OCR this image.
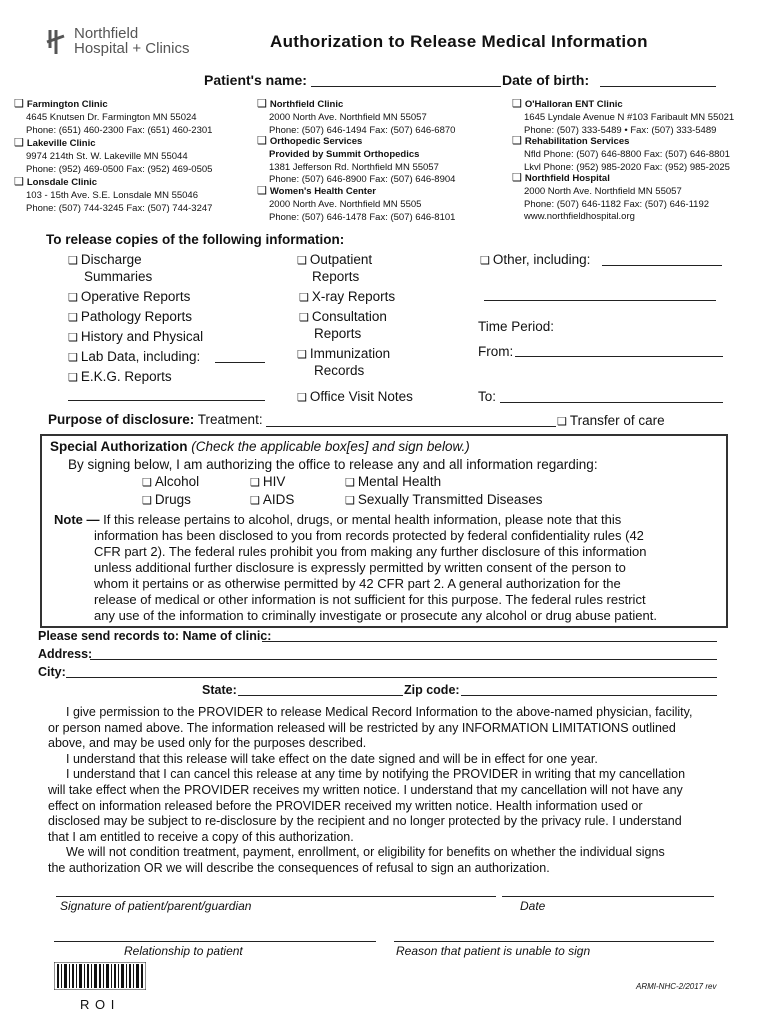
Northfield
Hospital + Clinics	Authorization to Release Medical Information
Patient's name:	Date of birth:
❑ Farmington Clinic
4645 Knutsen Dr. Farmington MN 55024
Phone: (651) 460-2300 Fax: (651) 460-2301
❑ Lakeville Clinic
9974 214th St. W. Lakeville MN 55044
Phone: (952) 469-0500 Fax: (952) 469-0505
❑ Lonsdale Clinic
103 - 15th Ave. S.E. Lonsdale MN 55046
Phone: (507) 744-3245 Fax: (507) 744-3247
❑ Northfield Clinic
2000 North Ave. Northfield MN 55057
Phone: (507) 646-1494 Fax: (507) 646-6870
❑ Orthopedic Services
Provided by Summit Orthopedics
1381 Jefferson Rd. Northfield MN 55057
Phone: (507) 646-8900 Fax: (507) 646-8904
❑ Women's Health Center
2000 North Ave. Northfield MN 5505
Phone: (507) 646-1478 Fax: (507) 646-8101
❑ O'Halloran ENT Clinic
1645 Lyndale Avenue N #103 Faribault MN 55021
Phone: (507) 333-5489 • Fax: (507) 333-5489
❑ Rehabilitation Services
Nfld Phone: (507) 646-8800 Fax: (507) 646-8801
Lkvl Phone: (952) 985-2020 Fax: (952) 985-2025
❑ Northfield Hospital
2000 North Ave. Northfield MN 55057
Phone: (507) 646-1182 Fax: (507) 646-1192
www.northfieldhospital.org
To release copies of the following information:
❑ Discharge
Summaries
❑ Operative Reports
❑ Pathology Reports
❑ History and Physical
❑ Lab Data, including:
❑ E.K.G. Reports
❑ Outpatient
Reports
❑ X-ray Reports
❑ Consultation
Reports
❑ Immunization
Records
❑ Office Visit Notes
❑ Other, including:
Time Period:
From:
To:
Purpose of disclosure: Treatment:	❑ Transfer of care
Special Authorization (Check the applicable box[es] and sign below.)
By signing below, I am authorizing the office to release any and all information regarding:
❑ Alcohol	❑ HIV	❑ Mental Health
❑ Drugs	❑ AIDS	❑ Sexually Transmitted Diseases
Note — If this release pertains to alcohol, drugs, or mental health information, please note that this
information has been disclosed to you from records protected by federal confidentiality rules (42
CFR part 2). The federal rules prohibit you from making any further disclosure of this information
unless additional further disclosure is expressly permitted by written consent of the person to
whom it pertains or as otherwise permitted by 42 CFR part 2. A general authorization for the
release of medical or other information is not sufficient for this purpose. The federal rules restrict
any use of the information to criminally investigate or prosecute any alcohol or drug abuse patient.
Please send records to: Name of clinic:
Address:
City:
State:	Zip code:
I give permission to the PROVIDER to release Medical Record Information to the above-named physician, facility,
or person named above. The information released will be restricted by any INFORMATION LIMITATIONS outlined
above, and may be used only for the purposes described.
I understand that this release will take effect on the date signed and will be in effect for one year.
I understand that I can cancel this release at any time by notifying the PROVIDER in writing that my cancellation
will take effect when the PROVIDER receives my written notice. I understand that my cancellation will not have any
effect on information released before the PROVIDER received my written notice. Health information used or
disclosed may be subject to re-disclosure by the recipient and no longer protected by the privacy rule. I understand
that I am entitled to receive a copy of this authorization.
We will not condition treatment, payment, enrollment, or eligibility for benefits on whether the individual signs
the authorization OR we will describe the consequences of refusal to sign an authorization.
Signature of patient/parent/guardian	Date
Relationship to patient	Reason that patient is unable to sign
R O I
ARMI-NHC-2/2017 rev
